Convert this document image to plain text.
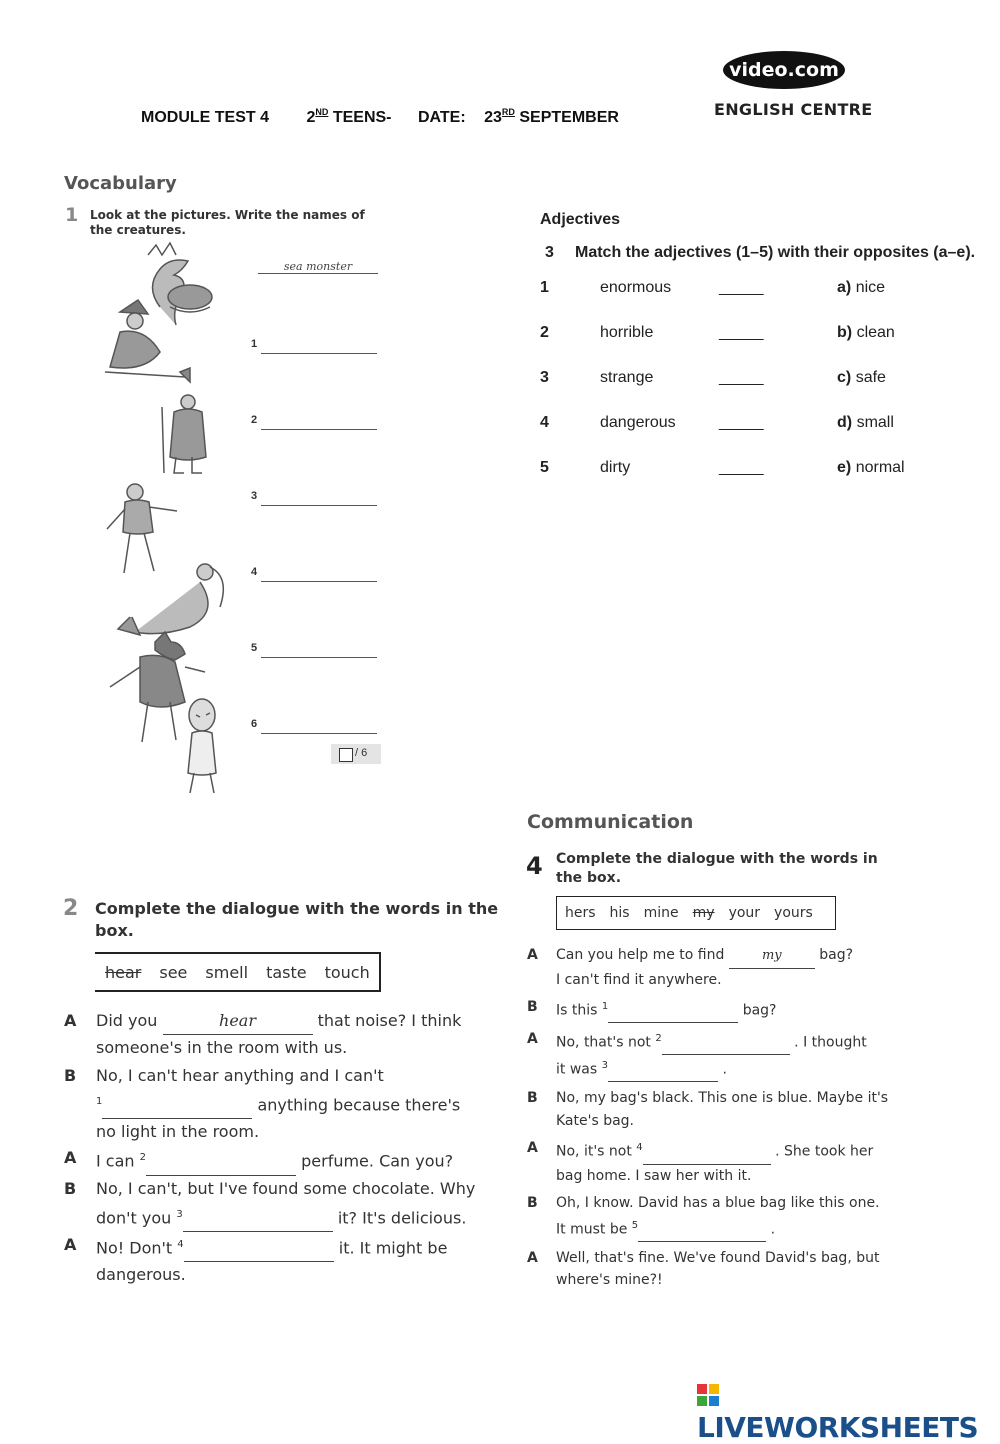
MODULE TEST 4 2ND TEENS- DATE: 23RD SEPTEMBER
video.com
ENGLISH CENTRE
Vocabulary
1 Look at the pictures. Write the names of the creatures.
sea monster
1
2
3
4
5
6
/ 6
Adjectives
3 Match the adjectives (1–5) with their opposites (a–e).
1	enormous	_____	a) nice
2	horrible	_____	b) clean
3	strange	_____	c) safe
4	dangerous	_____	d) small
5	dirty	_____	e) normal
2 Complete the dialogue with the words in the
box.
hear see smell taste touch
A Did you	hear	that noise? I think
someone's in the room with us.
B No, I can't hear anything and I can't
$^1$	anything because there's
no light in the room.
A I can $^2$	perfume. Can you?
B No, I can't, but I've found some chocolate. Why
don't you $^3$	it? It's delicious.
A No! Don't $^4$	it. It might be
dangerous.
Communication
4 Complete the dialogue with the words in
the box.
hers his mine my your yours
A Can you help me to find	my	bag?
I can't find it anywhere.
B Is this $^1$	bag?
A No, that's not $^2$	. I thought
it was $^3$	.
B No, my bag's black. This one is blue. Maybe it's
Kate's bag.
A No, it's not $^4$	. She took her
bag home. I saw her with it.
B Oh, I know. David has a blue bag like this one.
It must be $^5$	.
A Well, that's fine. We've found David's bag, but
where's mine?!
LIVEWORKSHEETS
